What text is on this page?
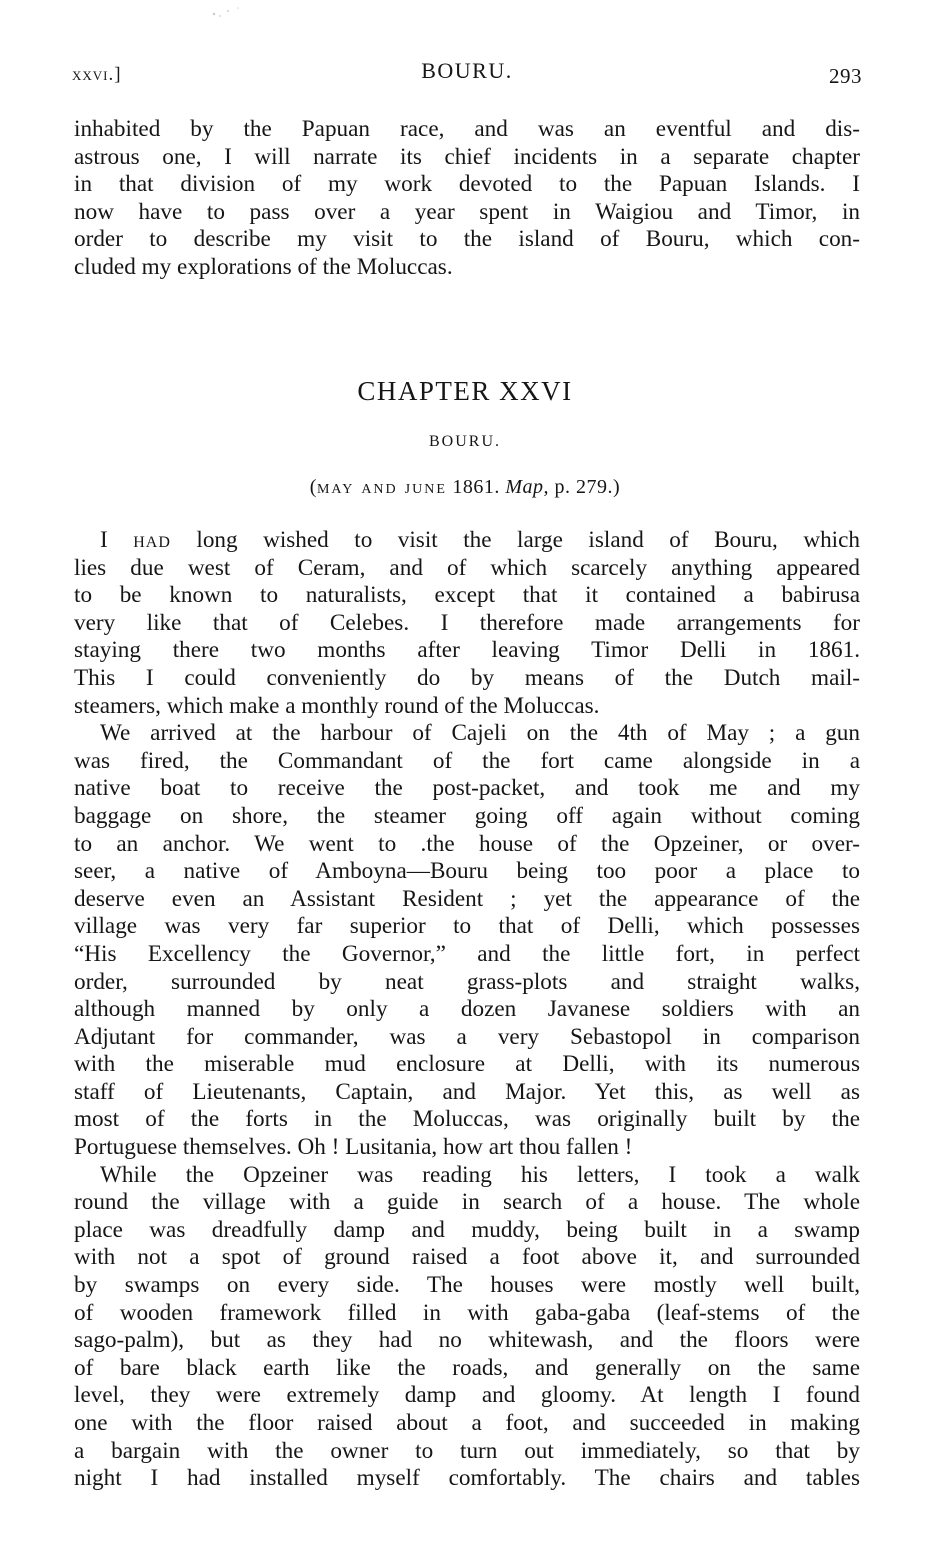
xxvi.]	BOURU.	293
inhabited by the Papuan race, and was an eventful and dis-
astrous one, I will narrate its chief incidents in a separate chapter
in that division of my work devoted to the Papuan Islands. I
now have to pass over a year spent in Waigiou and Timor, in
order to describe my visit to the island of Bouru, which con-
cluded my explorations of the Moluccas.
CHAPTER XXVI
BOURU.
(may and june 1861. Map, p. 279.)
I had long wished to visit the large island of Bouru, which
lies due west of Ceram, and of which scarcely anything appeared
to be known to naturalists, except that it contained a babirusa
very like that of Celebes. I therefore made arrangements for
staying there two months after leaving Timor Delli in 1861.
This I could conveniently do by means of the Dutch mail-
steamers, which make a monthly round of the Moluccas.
We arrived at the harbour of Cajeli on the 4th of May ; a gun
was fired, the Commandant of the fort came alongside in a
native boat to receive the post-packet, and took me and my
baggage on shore, the steamer going off again without coming
to an anchor. We went to .the house of the Opzeiner, or over-
seer, a native of Amboyna—Bouru being too poor a place to
deserve even an Assistant Resident ; yet the appearance of the
village was very far superior to that of Delli, which possesses
“His Excellency the Governor,” and the little fort, in perfect
order, surrounded by neat grass-plots and straight walks,
although manned by only a dozen Javanese soldiers with an
Adjutant for commander, was a very Sebastopol in comparison
with the miserable mud enclosure at Delli, with its numerous
staff of Lieutenants, Captain, and Major. Yet this, as well as
most of the forts in the Moluccas, was originally built by the
Portuguese themselves. Oh ! Lusitania, how art thou fallen !
While the Opzeiner was reading his letters, I took a walk
round the village with a guide in search of a house. The whole
place was dreadfully damp and muddy, being built in a swamp
with not a spot of ground raised a foot above it, and surrounded
by swamps on every side. The houses were mostly well built,
of wooden framework filled in with gaba-gaba (leaf-stems of the
sago-palm), but as they had no whitewash, and the floors were
of bare black earth like the roads, and generally on the same
level, they were extremely damp and gloomy. At length I found
one with the floor raised about a foot, and succeeded in making
a bargain with the owner to turn out immediately, so that by
night I had installed myself comfortably. The chairs and tables
